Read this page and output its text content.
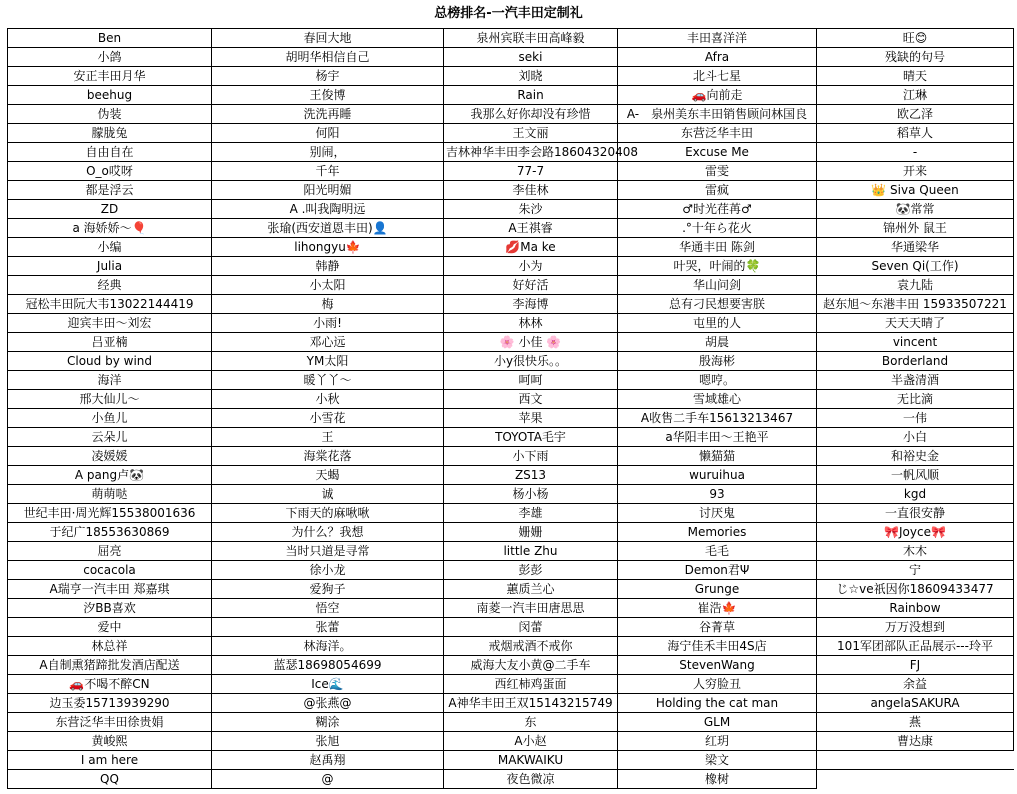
总榜排名-一汽丰田定制礼
Ben	春回大地	泉州宾联丰田高峰毅	丰田喜洋洋	旺😊
小鸽	胡明华相信自己	seki	Afra	残缺的句号
安正丰田月华	杨宇	刘晓	北斗七星	晴天
beehug	王俊博	Rain	🚗向前走	江琳
伪装	洗洗再睡	我那么好你却没有珍惜	A-　泉州美东丰田销售顾问林国良	欧乙泽
朦胧兔	何阳	王文丽	东营泛华丰田	稻草人
自由自在	别闹，	吉林神华丰田李会路18604320408	Excuse Me	-
O_o哎呀	千年	77-7	雷雯	开来
都是浮云	阳光明媚	李佳林	雷疯	👑 Siva Queen
ZD	A .叫我陶明远	朱沙	♂时光荏苒♂	🐼常常
a 海娇娇～🎈	张瑜(西安道恩丰田)👤	A王祺睿	.°十年ら花火	锦州外 鼠王
小编	lihongyu🍁	💋Ma ke	华通丰田 陈剑	华通梁华
Julia	韩静	小为	叶哭，叶闹的🍀	Seven Qi(工作)
经典	小太阳	好好活	华山问剑	袁九陆
冠松丰田阮大韦13022144419	梅	李海博	总有刁民想要害朕	赵东旭～东港丰田 15933507221
迎宾丰田～刘宏	小雨!	林林	屯里的人	天天天晴了
吕亚楠	邓心远	🌸 小佳 🌸	胡晨	vincent
Cloud by wind	YM太阳	小y很快乐。。	殷海彬	Borderland
海洋	暖丫丫～	呵呵	嗯哼。	半盏清酒
邢大仙儿～	小秋	西文	雪域雄心	无比滴
小鱼儿	小雪花	苹果	A收售二手车15613213467	一伟
云朵儿	王	TOYOTA毛宇	a华阳丰田～王艳平	小白
凌媛媛	海棠花落	小下雨	懒猫猫	和裕史金
A pang卢🐼	天蝎	ZS13	wuruihua	一帆风顺
萌萌哒	诚	杨小杨	93	kgd
世纪丰田·周光辉15538001636	下雨天的麻啾啾	李雄	讨厌鬼	一直很安静
于纪广18553630869	为什么？我想	姗姗	Memories	🎀Joyce🎀
屈亮	当时只道是寻常	little Zhu	毛毛	木木
cocacola	徐小龙	彭彭	Demon君Ψ	宁
A瑞亨一汽丰田 郑嘉琪	爱狗子	蕙质兰心	Grunge	じ☆ve祇因你18609433477
汐BB喜欢	悟空	南菱一汽丰田唐思思	崔浩🍁	Rainbow
爱中	张蕾	闵蕾	谷菁草	万万没想到
林总祥	林海洋。	戒烟戒酒不戒你	海宁佳禾丰田4S店	101军团部队正品展示---玲平
A自制熏猪蹄批发酒店配送	蓝瑟18698054699	威海大友小黄@二手车	StevenWang	FJ
🚗不喝不醉CN	Ice🌊	西红柿鸡蛋面	人穷脸丑	余益
边玉委15713939290	@张燕@	A神华丰田王双15143215749	Holding the cat man	angelaSAKURA
东营泛华丰田徐贵娟	糊涂	东	GLM	燕
黄峻熙	张旭	A小赵	红玥	曹达康
I am here	赵禹翔	MAKWAIKU	梁文	
QQ	@	夜色微凉	橡树	
